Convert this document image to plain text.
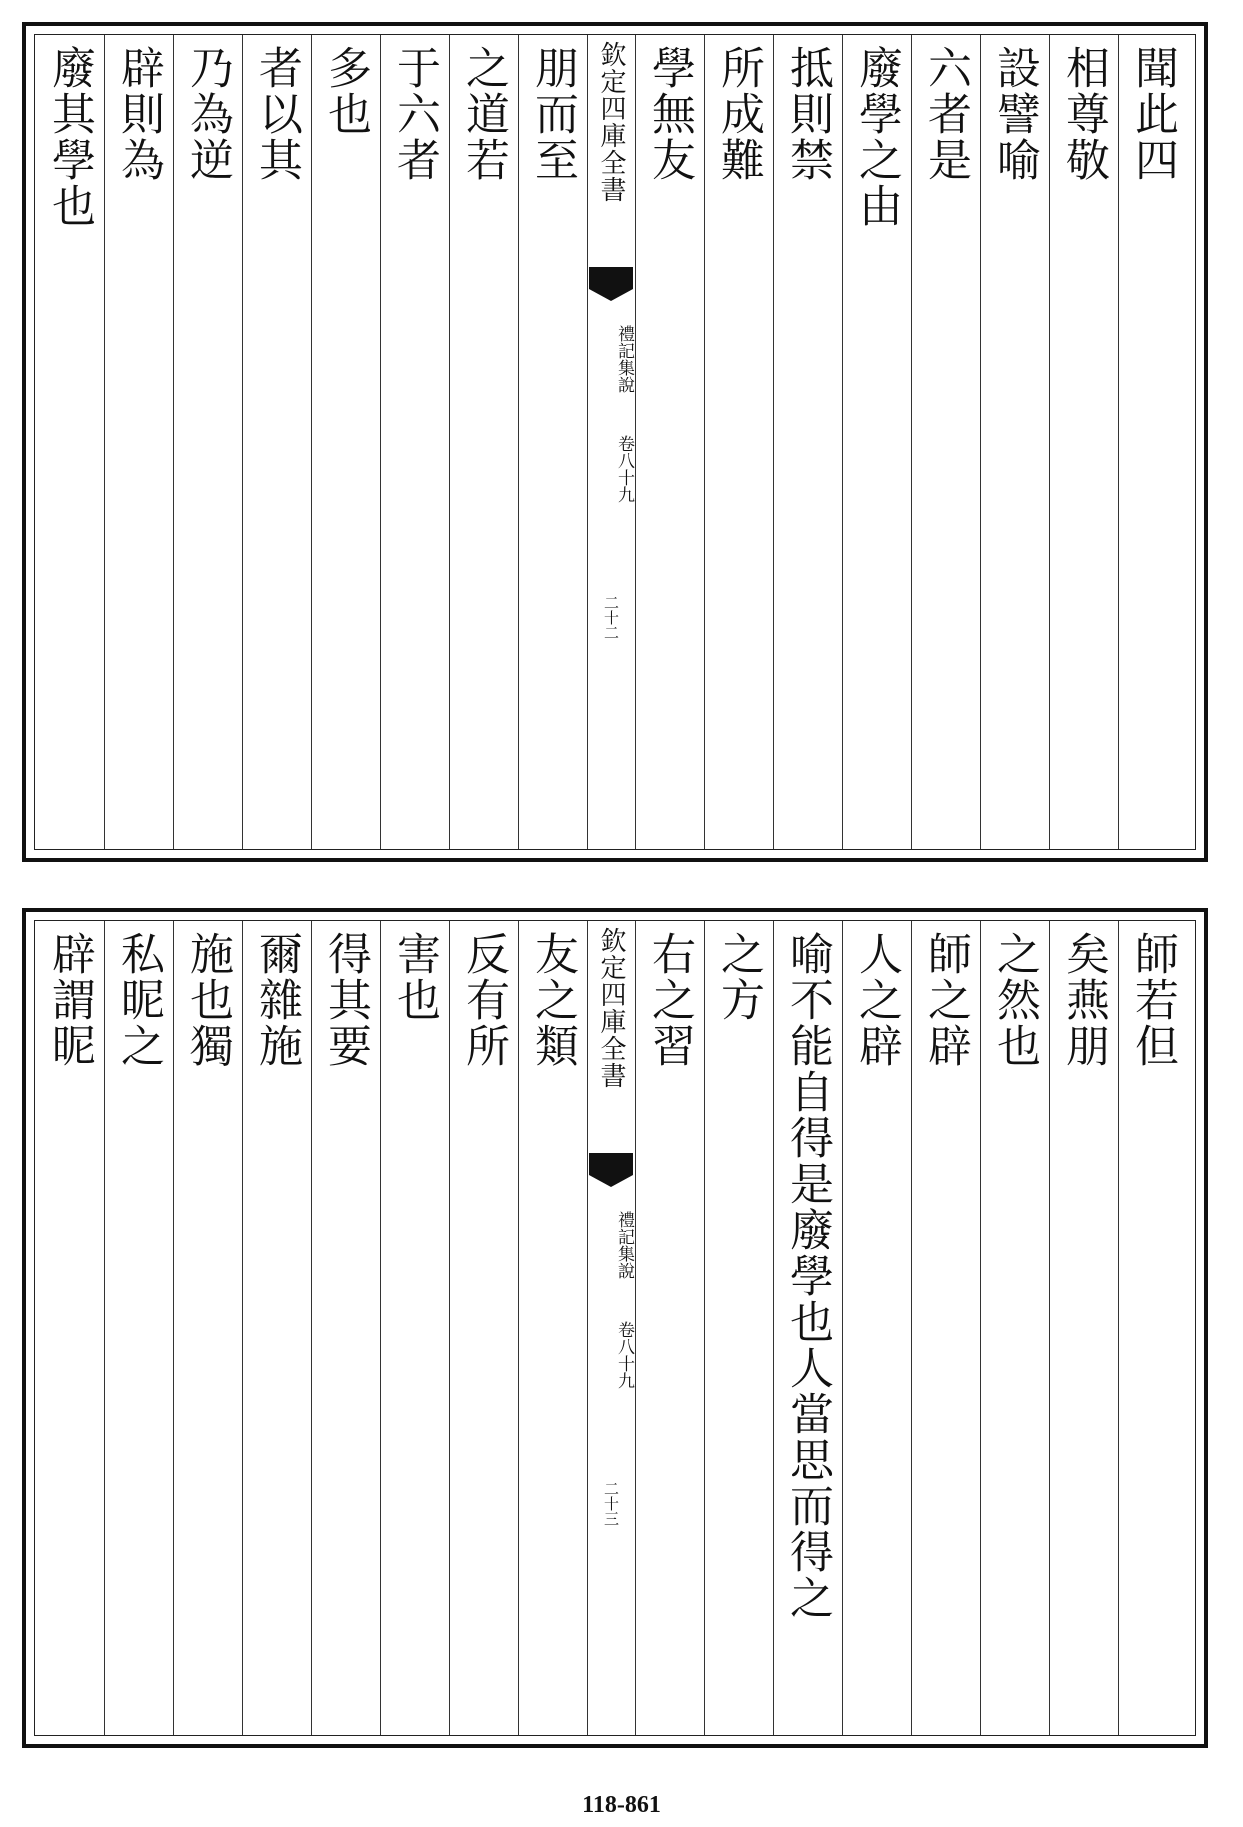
聞此四
相尊敬
設譬喻
六者是
廢學之由
抵則禁
所成難
學無友
欽定四庫全書
禮記集說
卷八十九
二十二
朋而至
之道若
于六者
多也
者以其
乃為逆
辟則為
廢其學也
師若但
矣燕朋
之然也
師之辟
人之辟
喻不能自得是廢學也人當思而得之
之方
右之習
欽定四庫全書
禮記集說
卷八十九
二十三
友之類
反有所
害也
得其要
爾雜施
施也獨
私昵之
辟謂昵
118-861
